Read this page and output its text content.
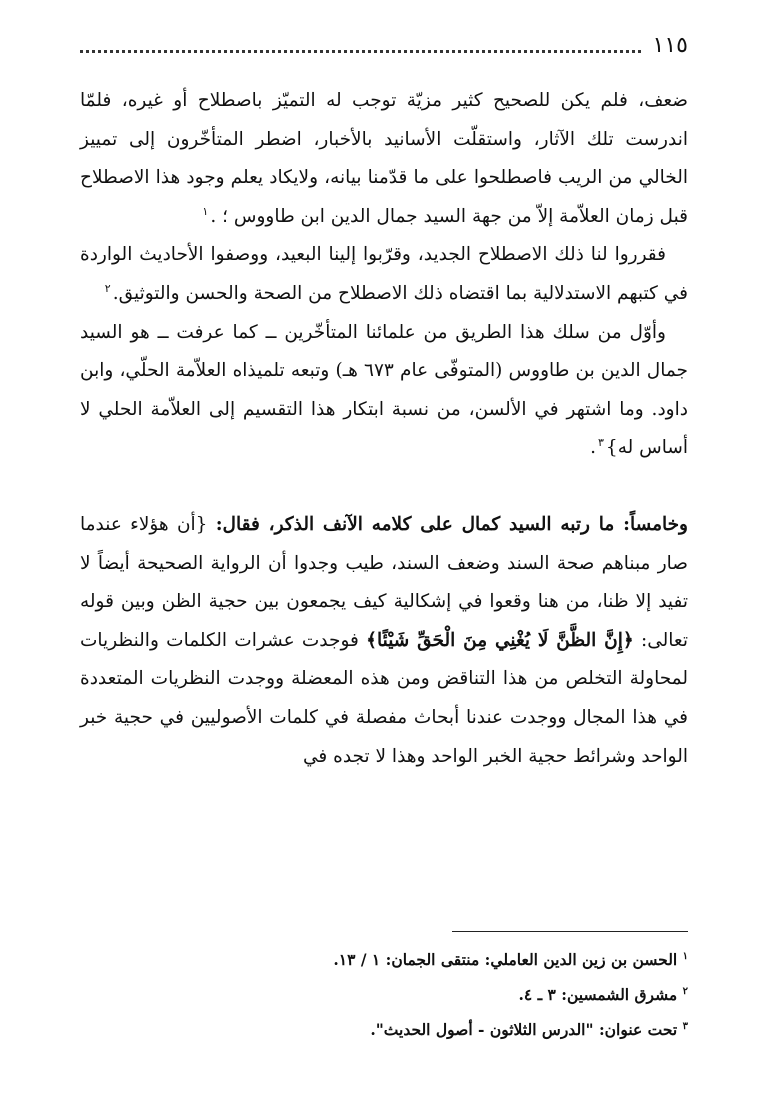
١١٥

ضعف، فلم يكن للصحيح كثير مزيّة توجب له التميّز باصطلاح أو غيره، فلمّا اندرست تلك الآثار، واستقلّت الأسانيد بالأخبار، اضطر المتأخّرون إلى تمييز الخالي من الريب فاصطلحوا على ما قدّمنا بيانه، ولايكاد يعلم وجود هذا الاصطلاح قبل زمان العلاّمة إلاّ من جهة السيد جمال الدين ابن طاووس ؛ .$^١$

فقرروا لنا ذلك الاصطلاح الجديد، وقرّبوا إلينا البعيد، ووصفوا الأحاديث الواردة في كتبهم الاستدلالية بما اقتضاه ذلك الاصطلاح من الصحة والحسن والتوثيق.$^٢$

وأوّل من سلك هذا الطريق من علمائنا المتأخّرين ــ كما عرفت ــ هو السيد جمال الدين بن طاووس (المتوفّى عام ٦٧٣ هـ) وتبعه تلميذاه العلاّمة الحلّي، وابن داود. وما اشتهر في الألسن، من نسبة ابتكار هذا التقسيم إلى العلاّمة الحلي لا أساس له}$^٣$.

وخامساً: ما رتبه السيد كمال على كلامه الآنف الذكر، فقال: {أن هؤلاء عندما صار مبناهم صحة السند وضعف السند، طيب وجدوا أن الرواية الصحيحة أيضاً لا تفيد إلا ظنا، من هنا وقعوا في إشكالية كيف يجمعون بين حجية الظن وبين قوله تعالى: ﴿إِنَّ الظَّنَّ لَا يُغْنِي مِنَ الْحَقِّ شَيْئًا﴾ فوجدت عشرات الكلمات والنظريات لمحاولة التخلص من هذا التناقض ومن هذه المعضلة ووجدت النظريات المتعددة في هذا المجال ووجدت عندنا أبحاث مفصلة في كلمات الأصوليين في حجية خبر الواحد وشرائط حجية الخبر الواحد وهذا لا تجده في

$^١$ الحسن بن زين الدين العاملي: منتقى الجمان: ١ / ١٣.
$^٢$ مشرق الشمسين: ٣ ـ ٤.
$^٣$ تحت عنوان: "الدرس الثلاثون - أصول الحديث".
